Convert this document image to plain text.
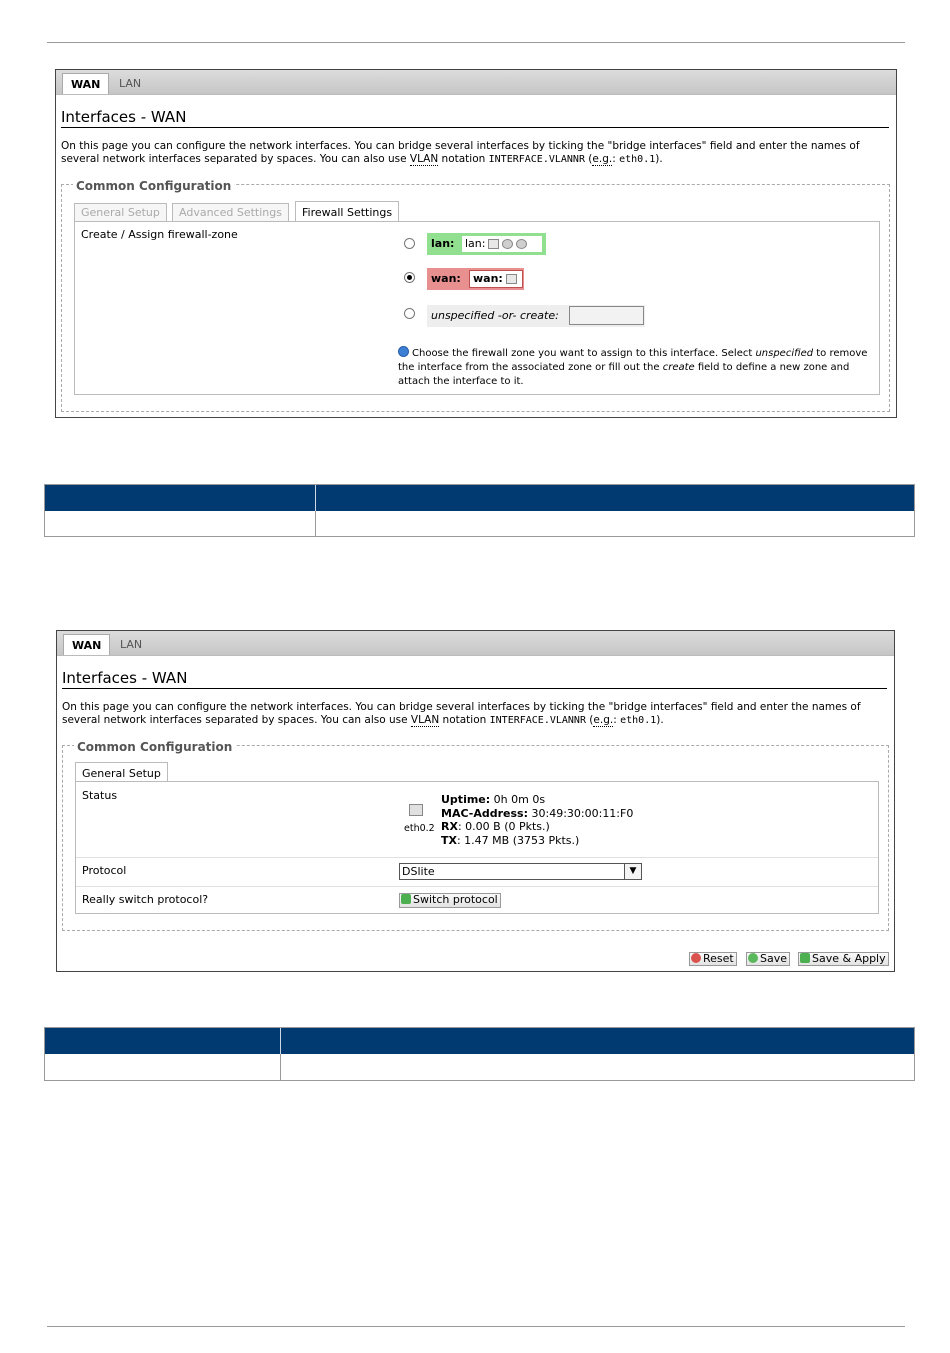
WAN	LAN
Interfaces - WAN
On this page you can configure the network interfaces. You can bridge several interfaces by ticking the "bridge interfaces" field and enter the names of several network interfaces separated by spaces. You can also use VLAN notation INTERFACE.VLANNR (e.g.: eth0.1).
Common Configuration
General Setup	Advanced Settings	Firewall Settings
Create / Assign firewall-zone
lan: lan:
wan:	wan:
unspecified -or- create:
Choose the firewall zone you want to assign to this interface. Select unspecified to remove the interface from the associated zone or fill out the create field to define a new zone and attach the interface to it.
WAN	LAN
Interfaces - WAN
On this page you can configure the network interfaces. You can bridge several interfaces by ticking the "bridge interfaces" field and enter the names of several network interfaces separated by spaces. You can also use VLAN notation INTERFACE.VLANNR (e.g.: eth0.1).
Common Configuration
General Setup
Status
eth0.2
Uptime: 0h 0m 0s
MAC-Address: 30:49:30:00:11:F0
RX: 0.00 B (0 Pkts.)
TX: 1.47 MB (3753 Pkts.)
Protocol	DSlite	▼
Really switch protocol?	Switch protocol
Reset	Save	Save & Apply
